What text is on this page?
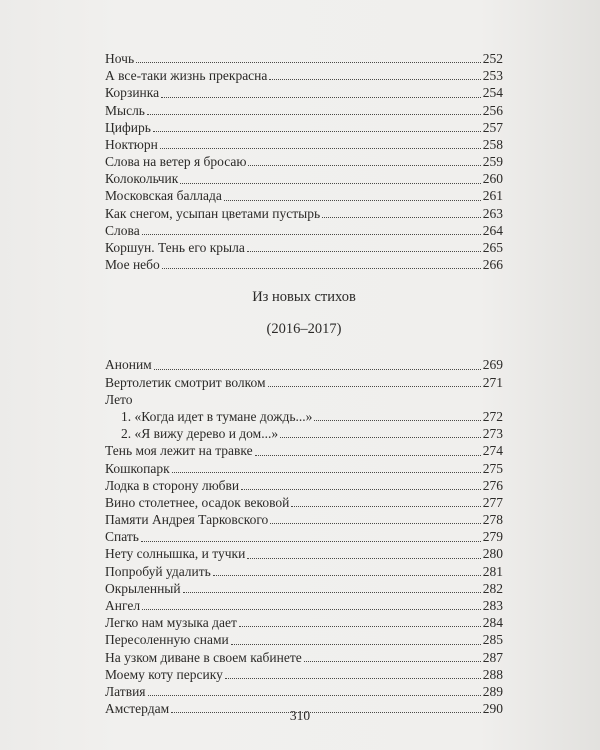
Ночь	252
А все-таки жизнь прекрасна	253
Корзинка	254
Мысль	256
Цифирь	257
Ноктюрн	258
Слова на ветер я бросаю	259
Колокольчик	260
Московская баллада	261
Как снегом, усыпан цветами пустырь	263
Слова	264
Коршун. Тень его крыла	265
Мое небо	266
Из новых стихов
(2016–2017)
Аноним	269
Вертолетик смотрит волком	271
Лето
1. «Когда идет в тумане дождь...»	272
2. «Я вижу дерево и дом...»	273
Тень моя лежит на травке	274
Кошкопарк	275
Лодка в сторону любви	276
Вино столетнее, осадок вековой	277
Памяти Андрея Тарковского	278
Спать	279
Нету солнышка, и тучки	280
Попробуй удалить	281
Окрыленный	282
Ангел	283
Легко нам музыка дает	284
Пересоленную снами	285
На узком диване в своем кабинете	287
Моему коту персику	288
Латвия	289
Амстердам	290
310
